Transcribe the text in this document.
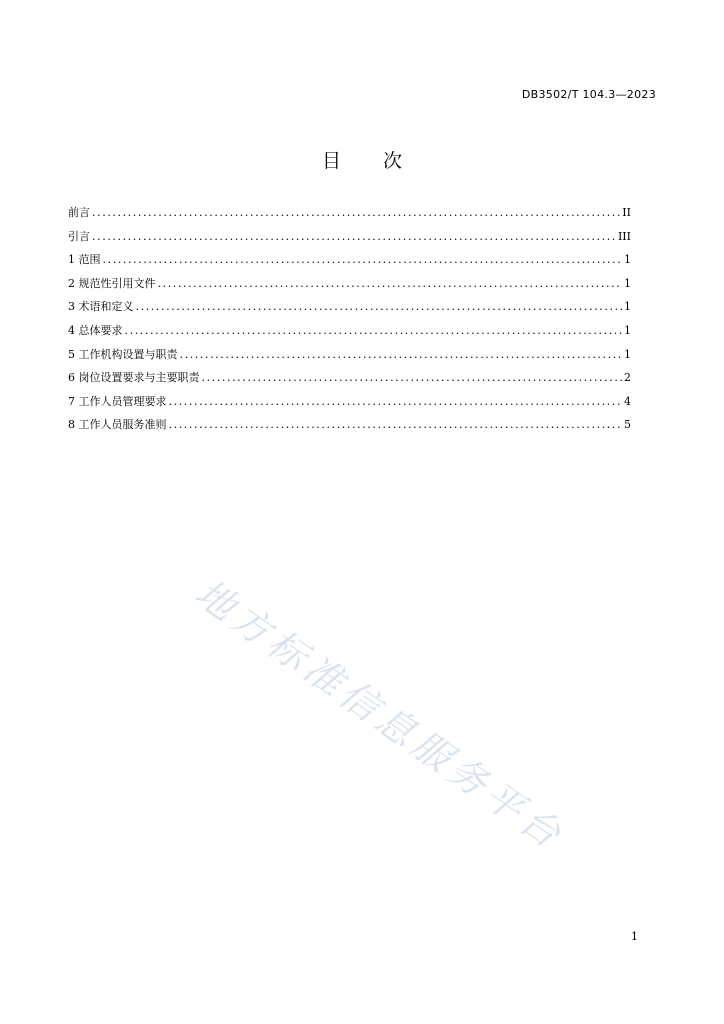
DB3502/T 104.3—2023
目 次
前言 .....	II
引言 .....	III
1 范围 .....	1
2 规范性引用文件 .....	1
3 术语和定义 .....	1
4 总体要求 .....	1
5 工作机构设置与职责 .....	1
6 岗位设置要求与主要职责 .....	2
7 工作人员管理要求 .....	4
8 工作人员服务准则 .....	5
地方标准信息服务平台
1
